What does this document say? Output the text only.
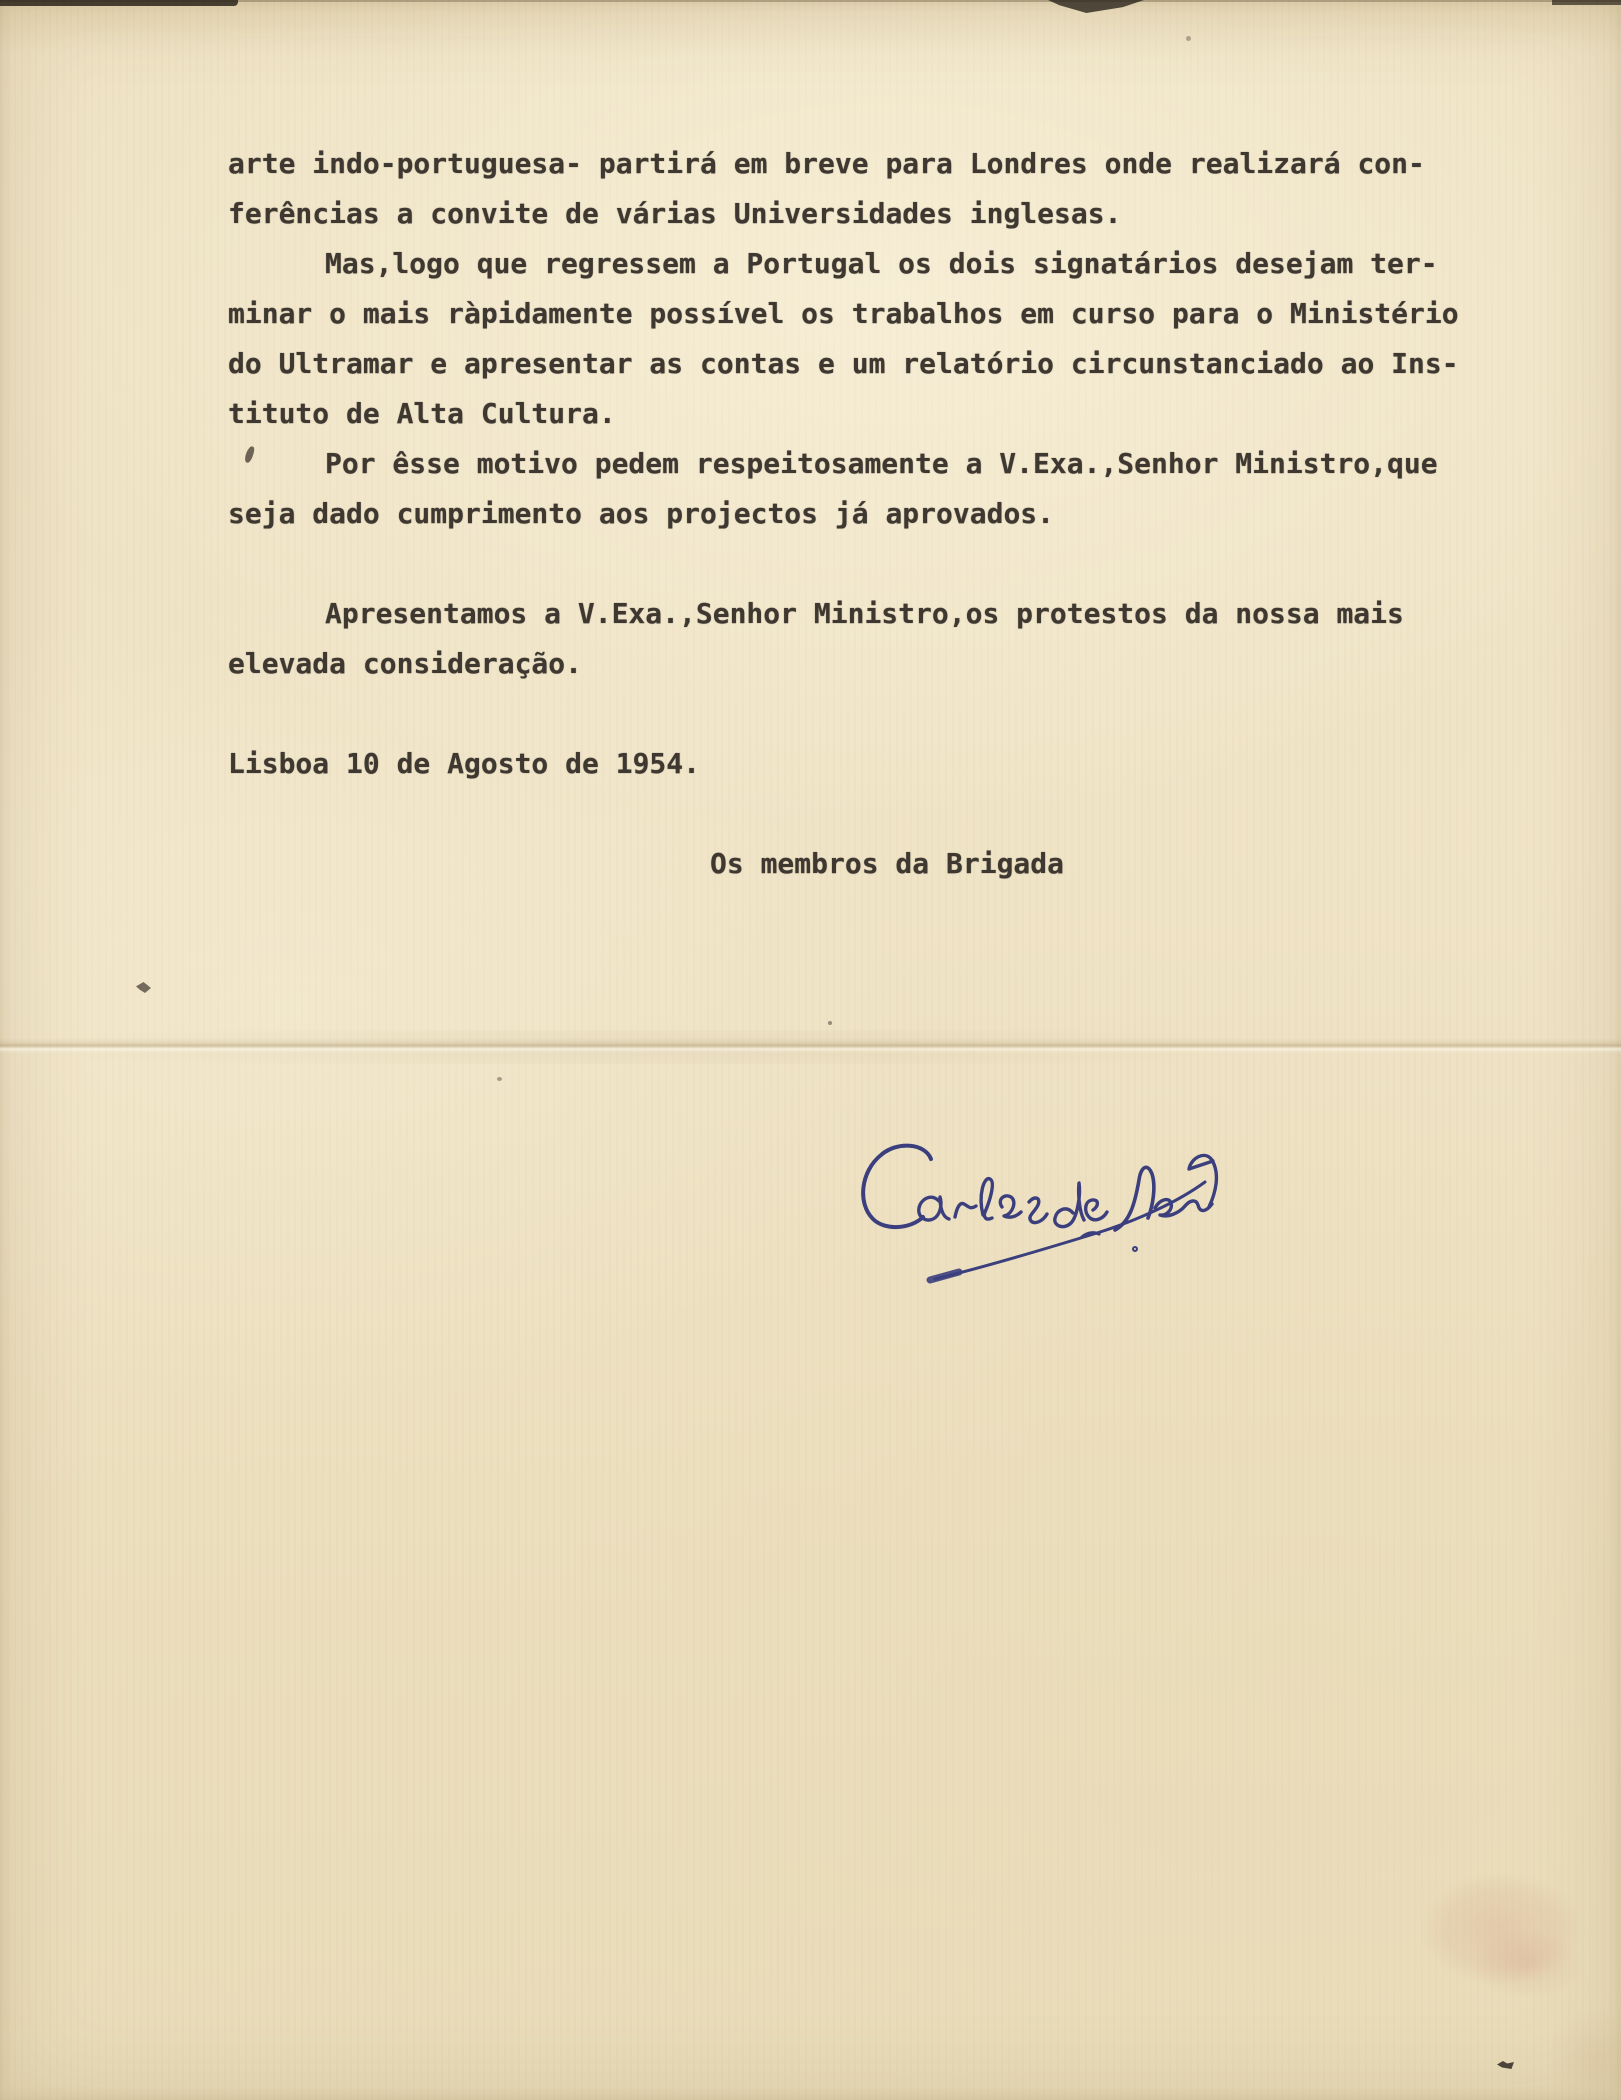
arte indo-portuguesa- partirá em breve para Londres onde realizará con-
ferências a convite de várias Universidades inglesas.
Mas,logo que regressem a Portugal os dois signatários desejam ter-
minar o mais ràpidamente possível os trabalhos em curso para o Ministério
do Ultramar e apresentar as contas e um relatório circunstanciado ao Ins-
tituto de Alta Cultura.
Por êsse motivo pedem respeitosamente a V.Exa.,Senhor Ministro,que
seja dado cumprimento aos projectos já aprovados.
Apresentamos a V.Exa.,Senhor Ministro,os protestos da nossa mais
elevada consideração.
Lisboa 10 de Agosto de 1954.
Os membros da Brigada
